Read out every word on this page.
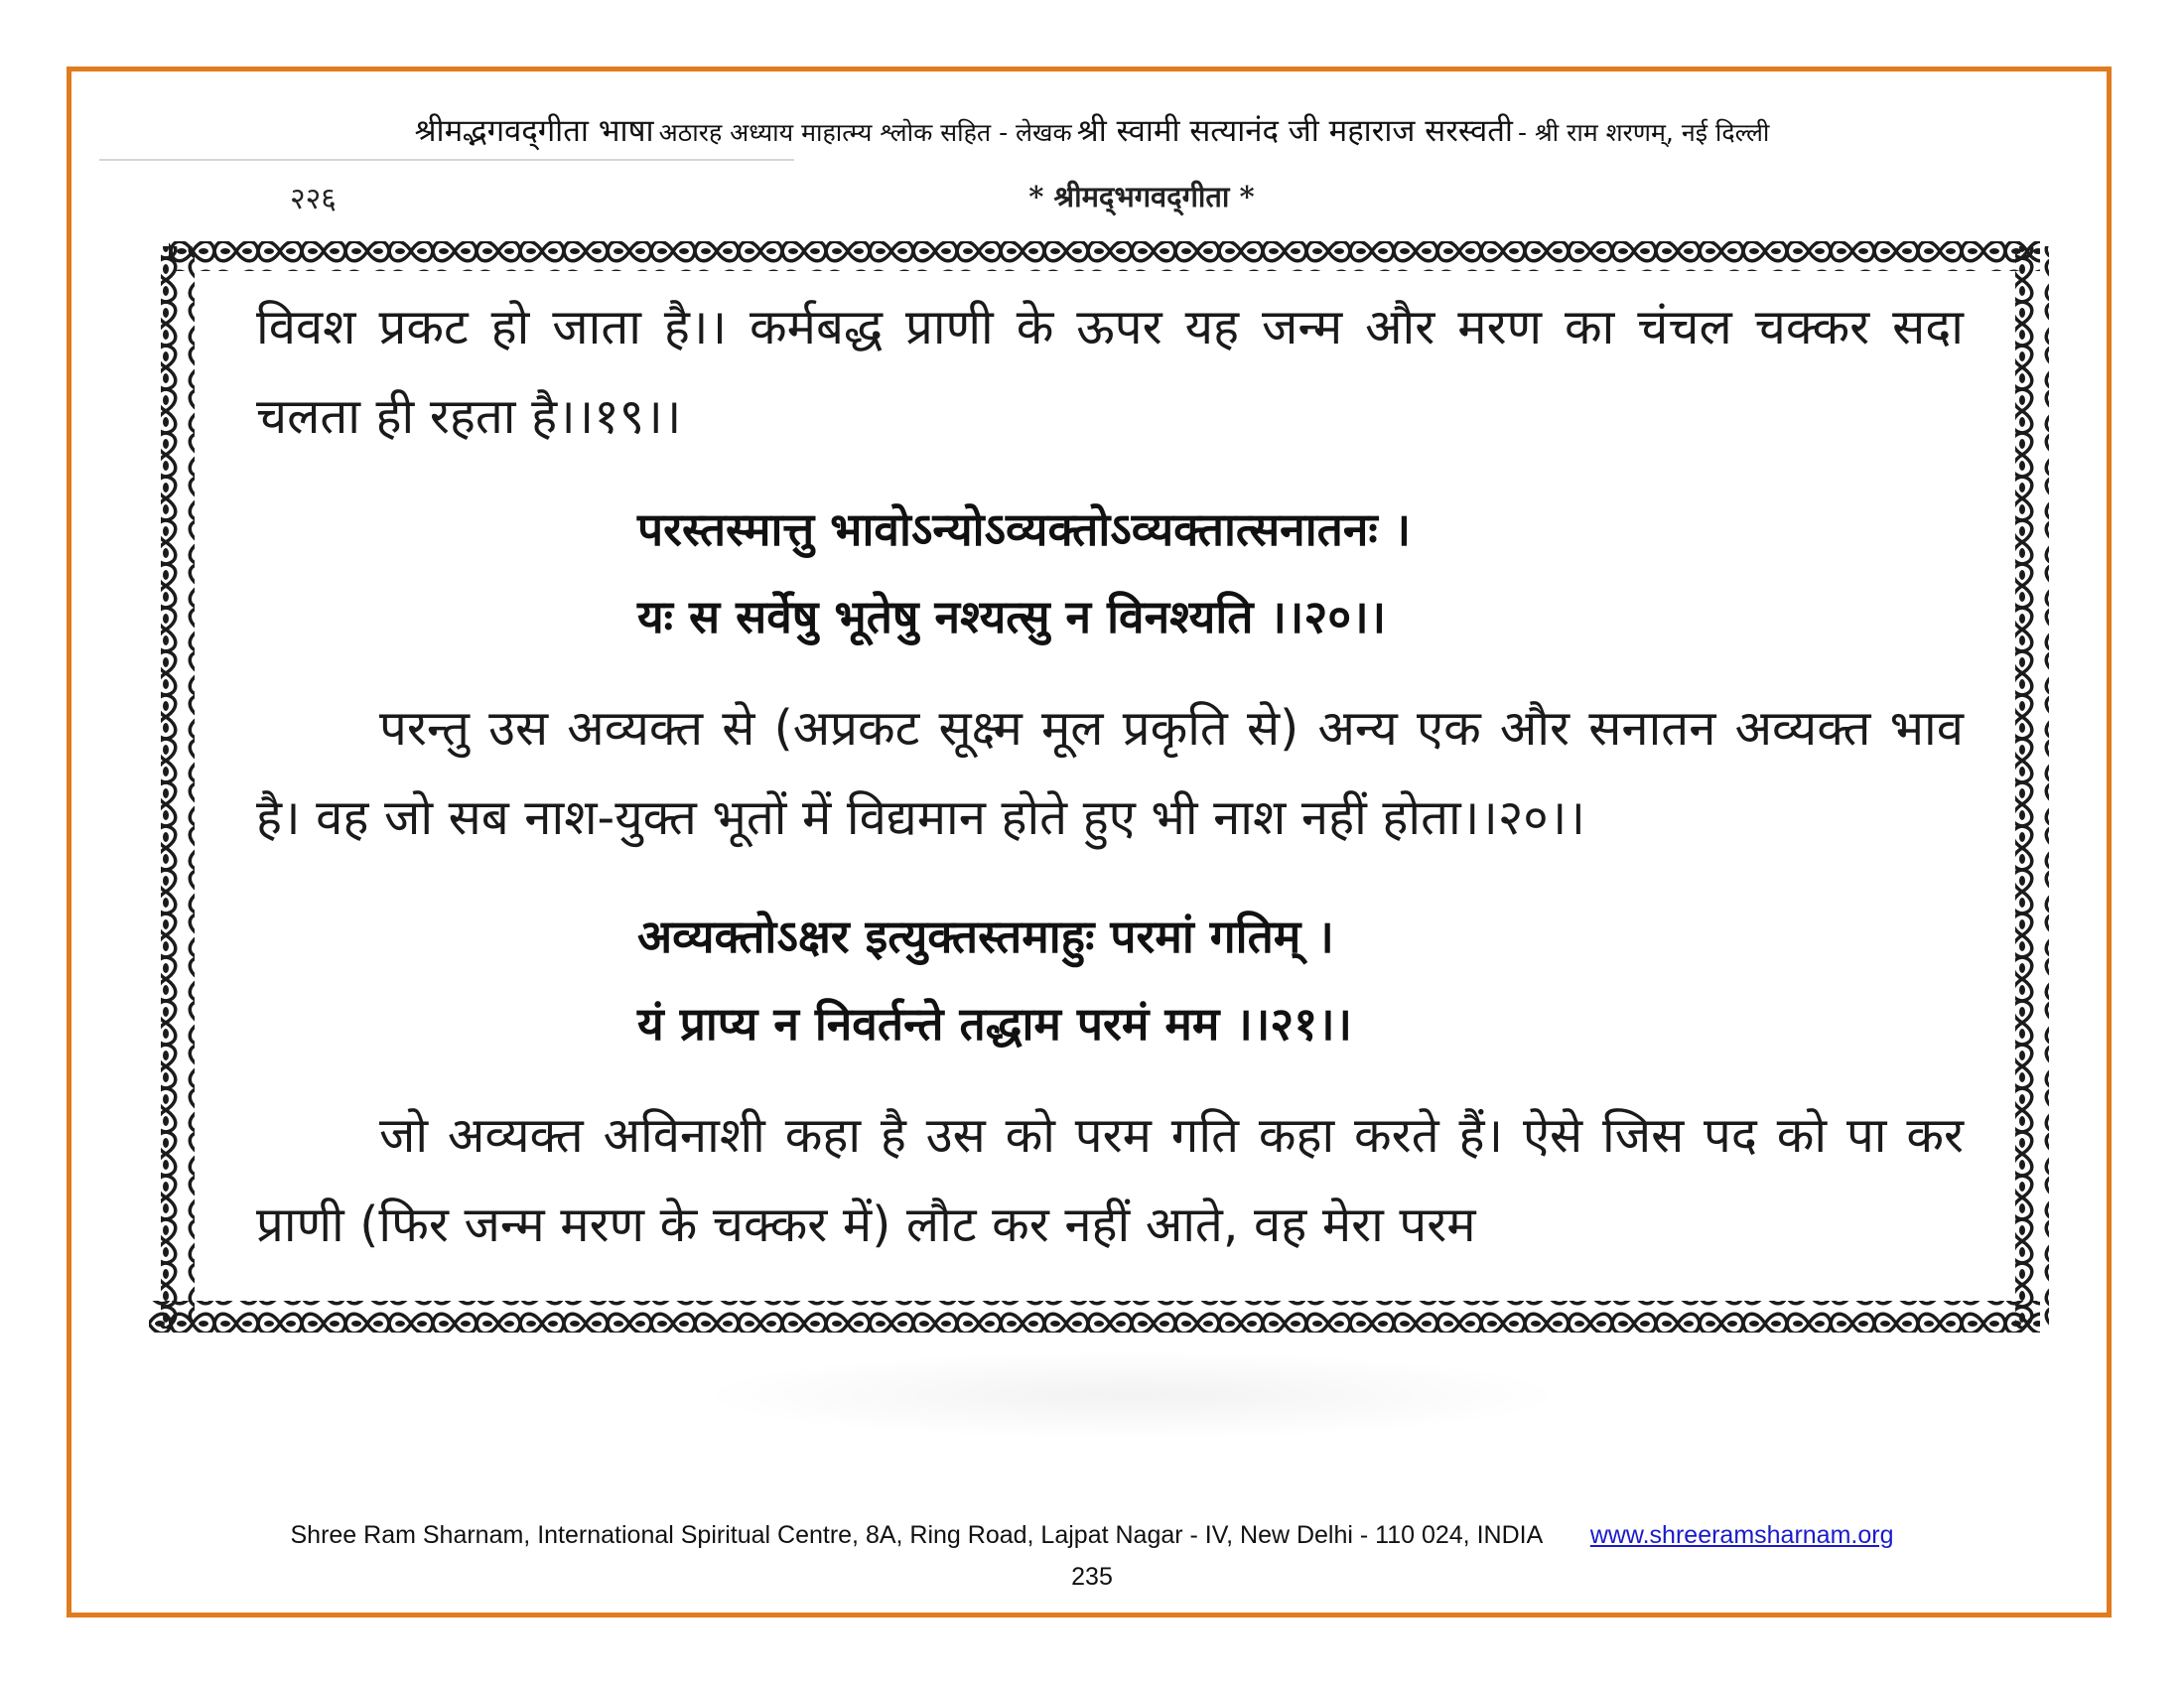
श्रीमद्भगवद्‌गीता भाषा अठारह अध्याय माहात्म्य श्लोक सहित - लेखक श्री स्वामी सत्यानंद जी महाराज सरस्वती - श्री राम शरणम्, नई दिल्ली
२२६	* श्रीमद्‌भगवद्‌गीता *

विवश प्रकट हो जाता है।। कर्मबद्ध प्राणी के ऊपर यह जन्म और मरण का चंचल चक्कर सदा चलता ही रहता है।।१९।।

परस्तस्मात्तु भावोऽन्योऽव्यक्तोऽव्यक्तात्सनातनः ।

यः स सर्वेषु भूतेषु नश्यत्सु न विनश्यति ।।२०।।

परन्तु उस अव्यक्त से (अप्रकट सूक्ष्म मूल प्रकृति से) अन्य एक और सनातन अव्यक्त भाव है। वह जो सब नाश-युक्त भूतों में विद्यमान होते हुए भी नाश नहीं होता।।२०।।

अव्यक्तोऽक्षर इत्युक्तस्तमाहुः परमां गतिम् ।

यं प्राप्य न निवर्तन्ते तद्धाम परमं मम ।।२१।।

जो अव्यक्त अविनाशी कहा है उस को परम गति कहा करते हैं। ऐसे जिस पद को पा कर प्राणी (फिर जन्म मरण के चक्कर में) लौट कर नहीं आते, वह मेरा परम

Shree Ram Sharnam, International Spiritual Centre, 8A, Ring Road, Lajpat Nagar - IV, New Delhi - 110 024, INDIA www.shreeramsharnam.org
235
